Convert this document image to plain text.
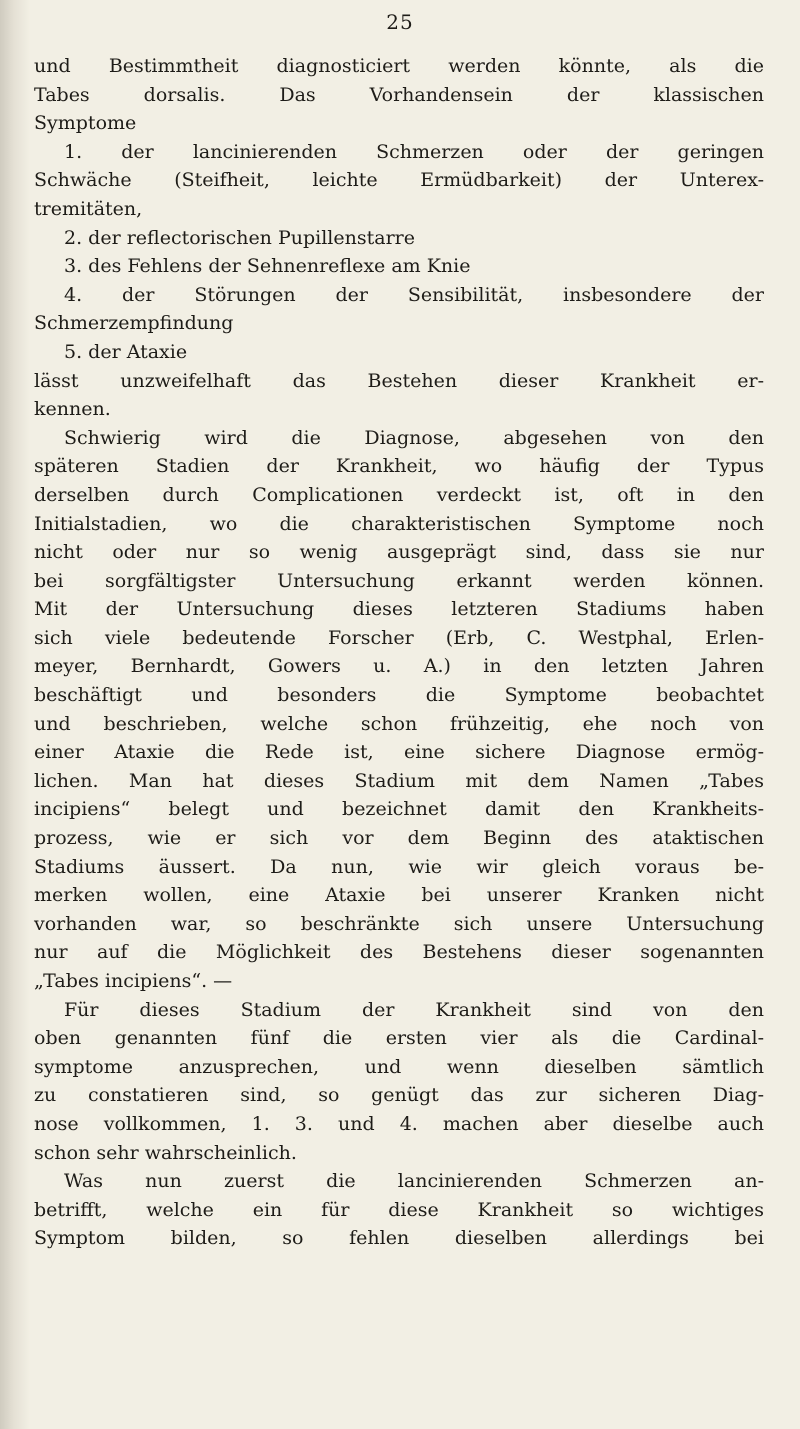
25
und Bestimmtheit diagnosticiert werden könnte, als die
Tabes dorsalis. Das Vorhandensein der klassischen
Symptome
1. der lancinierenden Schmerzen oder der geringen
Schwäche (Steifheit, leichte Ermüdbarkeit) der Unterex-
tremitäten,
2. der reflectorischen Pupillenstarre
3. des Fehlens der Sehnenreflexe am Knie
4. der Störungen der Sensibilität, insbesondere der
Schmerzempfindung
5. der Ataxie
lässt unzweifelhaft das Bestehen dieser Krankheit er-
kennen.
Schwierig wird die Diagnose, abgesehen von den
späteren Stadien der Krankheit, wo häufig der Typus
derselben durch Complicationen verdeckt ist, oft in den
Initialstadien, wo die charakteristischen Symptome noch
nicht oder nur so wenig ausgeprägt sind, dass sie nur
bei sorgfältigster Untersuchung erkannt werden können.
Mit der Untersuchung dieses letzteren Stadiums haben
sich viele bedeutende Forscher (Erb, C. Westphal, Erlen-
meyer, Bernhardt, Gowers u. A.) in den letzten Jahren
beschäftigt und besonders die Symptome beobachtet
und beschrieben, welche schon frühzeitig, ehe noch von
einer Ataxie die Rede ist, eine sichere Diagnose ermög-
lichen. Man hat dieses Stadium mit dem Namen „Tabes
incipiens“ belegt und bezeichnet damit den Krankheits-
prozess, wie er sich vor dem Beginn des ataktischen
Stadiums äussert. Da nun, wie wir gleich voraus be-
merken wollen, eine Ataxie bei unserer Kranken nicht
vorhanden war, so beschränkte sich unsere Untersuchung
nur auf die Möglichkeit des Bestehens dieser sogenannten
„Tabes incipiens“. —
Für dieses Stadium der Krankheit sind von den
oben genannten fünf die ersten vier als die Cardinal-
symptome anzusprechen, und wenn dieselben sämtlich
zu constatieren sind, so genügt das zur sicheren Diag-
nose vollkommen, 1. 3. und 4. machen aber dieselbe auch
schon sehr wahrscheinlich.
Was nun zuerst die lancinierenden Schmerzen an-
betrifft, welche ein für diese Krankheit so wichtiges
Symptom bilden, so fehlen dieselben allerdings bei
